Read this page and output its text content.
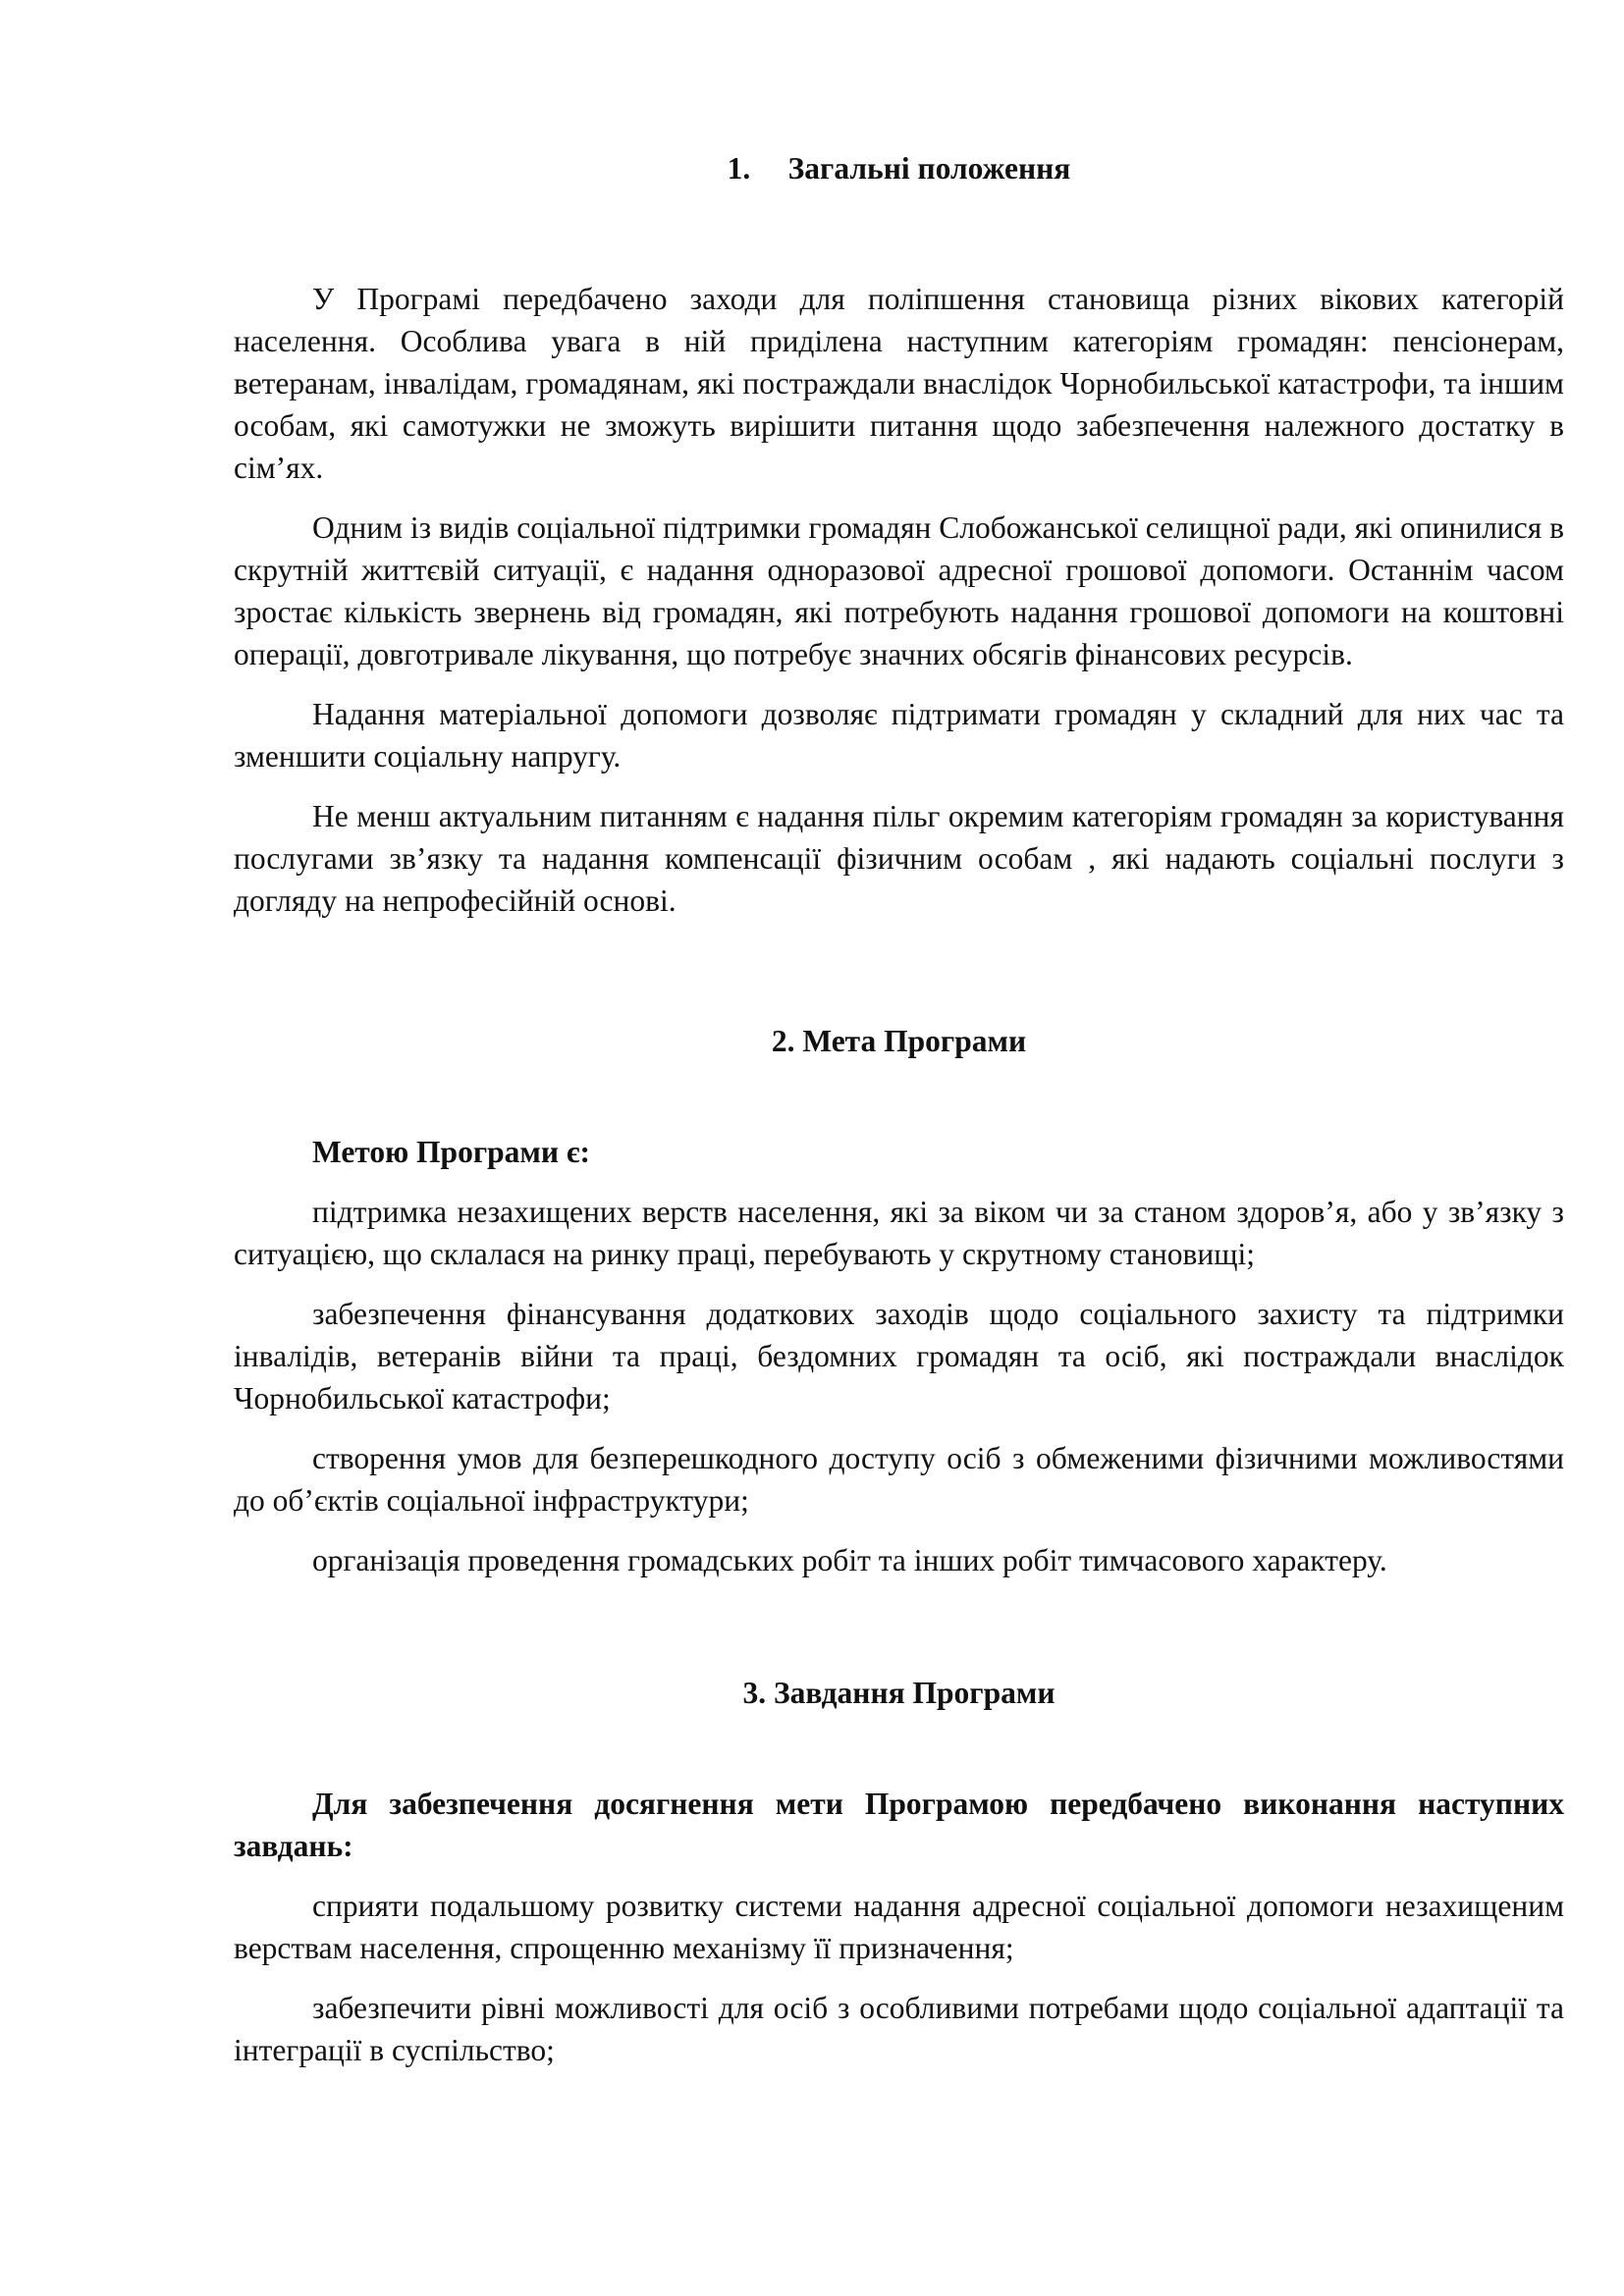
1. Загальні положення

У Програмі передбачено заходи для поліпшення становища різних вікових категорій населення. Особлива увага в ній приділена наступним категоріям громадян: пенсіонерам, ветеранам, інвалідам, громадянам, які постраждали внаслідок Чорнобильської катастрофи, та іншим особам, які самотужки не зможуть вирішити питання щодо забезпечення належного достатку в сім’ях.

Одним із видів соціальної підтримки громадян Слобожанської селищної ради, які опинилися в скрутній життєвій ситуації, є надання одноразової адресної грошової допомоги. Останнім часом зростає кількість звернень від громадян, які потребують надання грошової допомоги на коштовні операції, довготривале лікування, що потребує значних обсягів фінансових ресурсів.

Надання матеріальної допомоги дозволяє підтримати громадян у складний для них час та зменшити соціальну напругу.

Не менш актуальним питанням є надання пільг окремим категоріям громадян за користування послугами зв’язку та надання компенсації фізичним особам , які надають соціальні послуги з догляду на непрофесійній основі.

2. Мета Програми

Метою Програми є:

підтримка незахищених верств населення, які за віком чи за станом здоров’я, або у зв’язку з ситуацією, що склалася на ринку праці, перебувають у скрутному становищі;

забезпечення фінансування додаткових заходів щодо соціального захисту та підтримки інвалідів, ветеранів війни та праці, бездомних громадян та осіб, які постраждали внаслідок Чорнобильської катастрофи;

створення умов для безперешкодного доступу осіб з обмеженими фізичними можливостями до об’єктів соціальної інфраструктури;

організація проведення громадських робіт та інших робіт тимчасового характеру.

3. Завдання Програми

Для забезпечення досягнення мети Програмою передбачено виконання наступних завдань:

сприяти подальшому розвитку системи надання адресної соціальної допомоги незахищеним верствам населення, спрощенню механізму її призначення;

забезпечити рівні можливості для осіб з особливими потребами щодо соціальної адаптації та інтеграції в суспільство;
